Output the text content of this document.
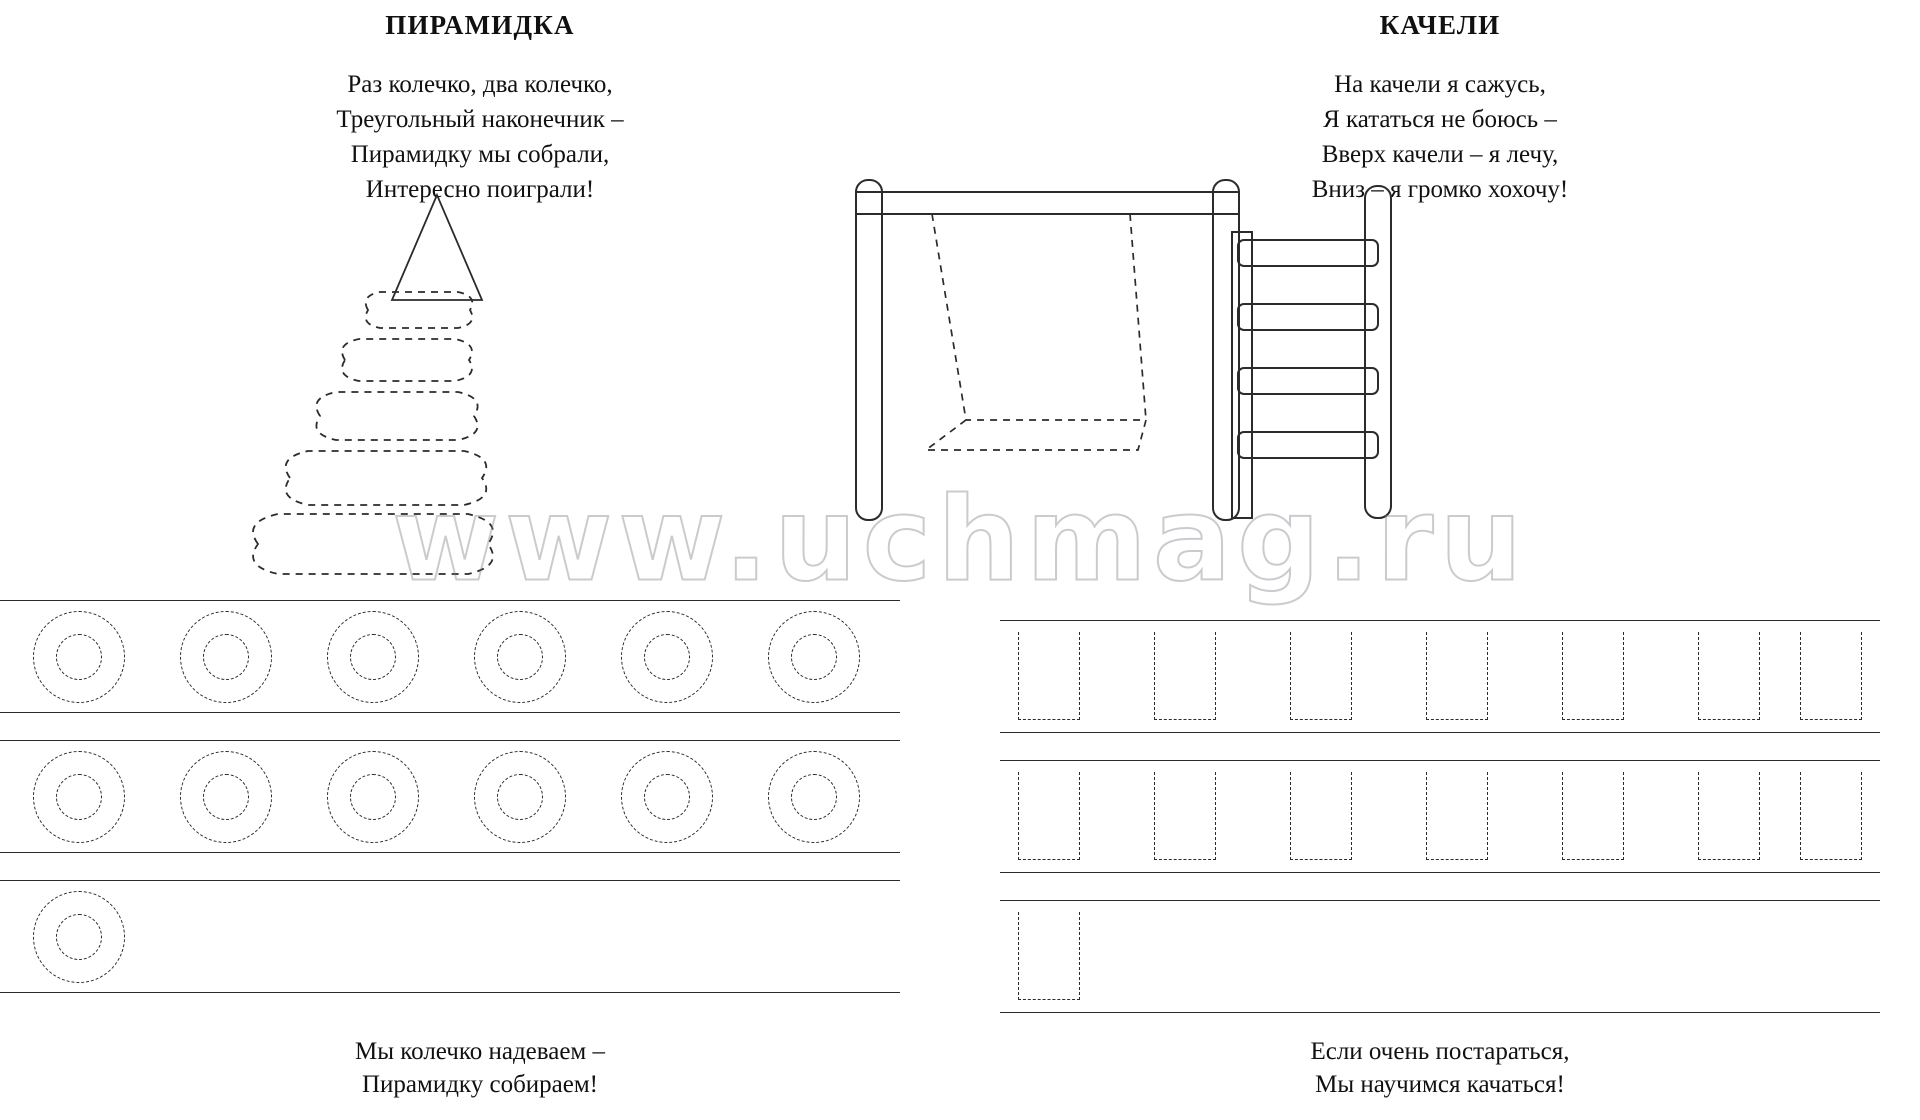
ПИРАМИДКА
Раз колечко, два колечко,
Треугольный наконечник –
Пирамидку мы собрали,
Интересно поиграли!
Мы колечко надеваем –
Пирамидку собираем!
КАЧЕЛИ
На качели я сажусь,
Я кататься не боюсь –
Вверх качели – я лечу,
Вниз – я громко хохочу!
Если очень постараться,
Мы научимся качаться!
www.uchmag.ru
